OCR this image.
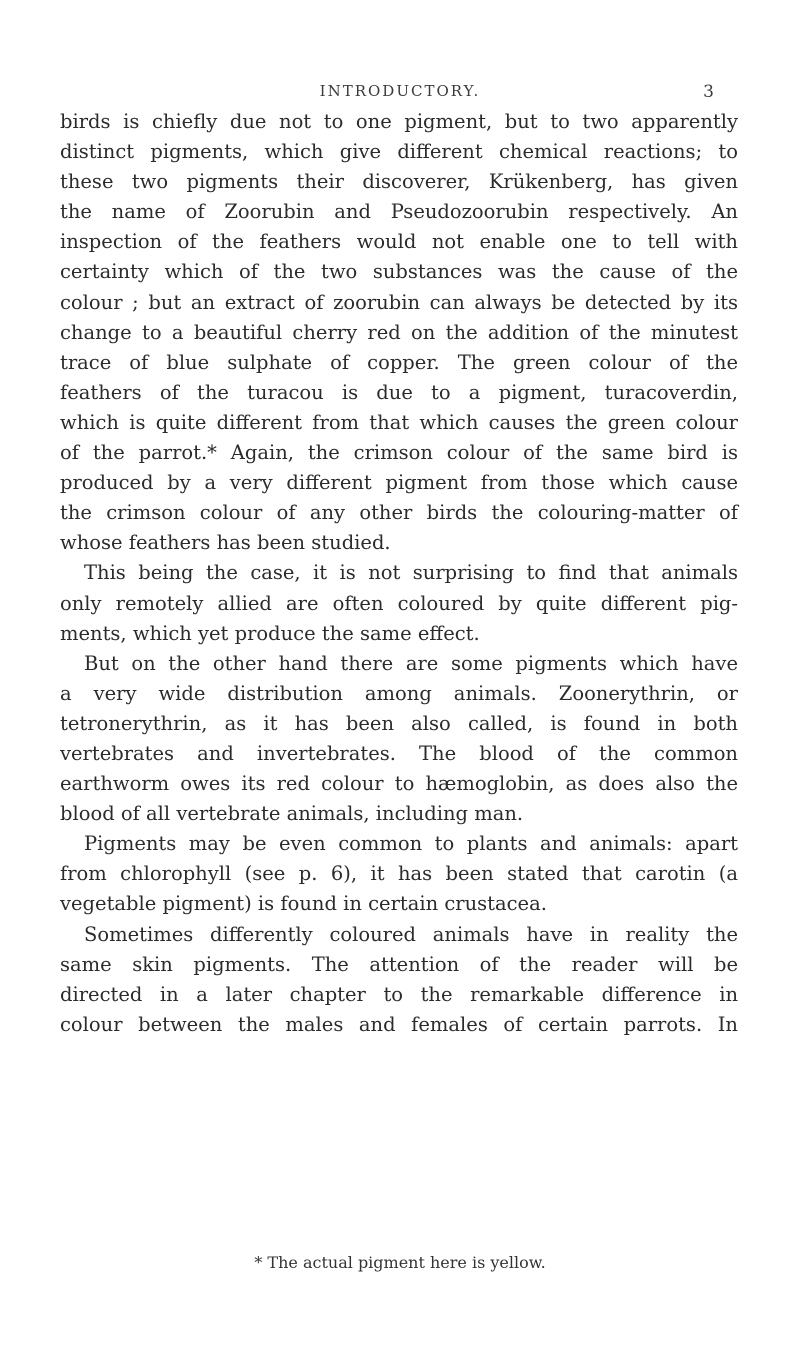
INTRODUCTORY.	3
birds is chiefly due not to one pigment, but to two apparently
distinct pigments, which give different chemical reactions; to
these two pigments their discoverer, Krükenberg, has given
the name of Zoorubin and Pseudozoorubin respectively. An
inspection of the feathers would not enable one to tell with
certainty which of the two substances was the cause of the
colour ; but an extract of zoorubin can always be detected by its
change to a beautiful cherry red on the addition of the minutest
trace of blue sulphate of copper. The green colour of the
feathers of the turacou is due to a pigment, turacoverdin,
which is quite different from that which causes the green colour
of the parrot.* Again, the crimson colour of the same bird is
produced by a very different pigment from those which cause
the crimson colour of any other birds the colouring-matter of
whose feathers has been studied.
This being the case, it is not surprising to find that animals
only remotely allied are often coloured by quite different pig-
ments, which yet produce the same effect.
But on the other hand there are some pigments which have
a very wide distribution among animals. Zoonerythrin, or
tetronerythrin, as it has been also called, is found in both
vertebrates and invertebrates. The blood of the common
earthworm owes its red colour to hæmoglobin, as does also the
blood of all vertebrate animals, including man.
Pigments may be even common to plants and animals: apart
from chlorophyll (see p. 6), it has been stated that carotin (a
vegetable pigment) is found in certain crustacea.
Sometimes differently coloured animals have in reality the
same skin pigments. The attention of the reader will be
directed in a later chapter to the remarkable difference in
colour between the males and females of certain parrots. In
* The actual pigment here is yellow.
